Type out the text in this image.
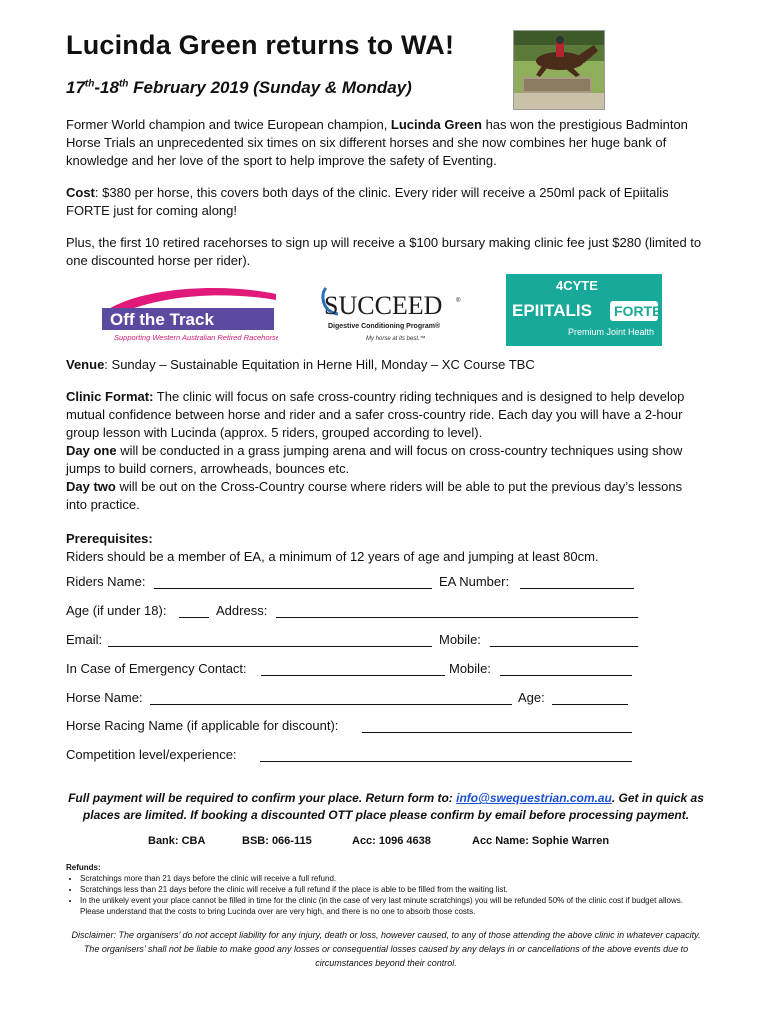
Lucinda Green returns to WA!
17th-18th February 2019 (Sunday & Monday)
Former World champion and twice European champion, Lucinda Green has won the prestigious Badminton Horse Trials an unprecedented six times on six different horses and she now combines her huge bank of knowledge and her love of the sport to help improve the safety of Eventing.
Cost: $380 per horse, this covers both days of the clinic. Every rider will receive a 250ml pack of Epiitalis FORTE just for coming along!
Plus, the first 10 retired racehorses to sign up will receive a $100 bursary making clinic fee just $280 (limited to one discounted horse per rider).
Off the Track
Supporting Western Australian Retired Racehorses
SUCCEED ®
Digestive Conditioning Program®
My horse at its best.™
4CYTE
EPIITALIS FORTE
Premium Joint Health
Venue: Sunday – Sustainable Equitation in Herne Hill, Monday – XC Course TBC
Clinic Format: The clinic will focus on safe cross-country riding techniques and is designed to help develop mutual confidence between horse and rider and a safer cross-country ride. Each day you will have a 2-hour group lesson with Lucinda (approx. 5 riders, grouped according to level).
Day one will be conducted in a grass jumping arena and will focus on cross-country techniques using show jumps to build corners, arrowheads, bounces etc.
Day two will be out on the Cross-Country course where riders will be able to put the previous day’s lessons into practice.
Prerequisites:
Riders should be a member of EA, a minimum of 12 years of age and jumping at least 80cm.
Riders Name:	EA Number:
Age (if under 18):	Address:
Email:	Mobile:
In Case of Emergency Contact:	Mobile:
Horse Name:	Age:
Horse Racing Name (if applicable for discount):
Competition level/experience:
Full payment will be required to confirm your place. Return form to: info@swequestrian.com.au. Get in quick as places are limited. If booking a discounted OTT place please confirm by email before processing payment.
Bank: CBA	BSB: 066-115	Acc: 1096 4638	Acc Name: Sophie Warren
Refunds:
• Scratchings more than 21 days before the clinic will receive a full refund.
• Scratchings less than 21 days before the clinic will receive a full refund if the place is able to be filled from the waiting list.
• In the unlikely event your place cannot be filled in time for the clinic (in the case of very last minute scratchings) you will be refunded 50% of the clinic cost if budget allows. Please understand that the costs to bring Lucinda over are very high, and there is no one to absorb those costs.
Disclaimer: The organisers’ do not accept liability for any injury, death or loss, however caused, to any of those attending the above clinic in whatever capacity. The organisers’ shall not be liable to make good any losses or consequential losses caused by any delays in or cancellations of the above events due to circumstances beyond their control.
